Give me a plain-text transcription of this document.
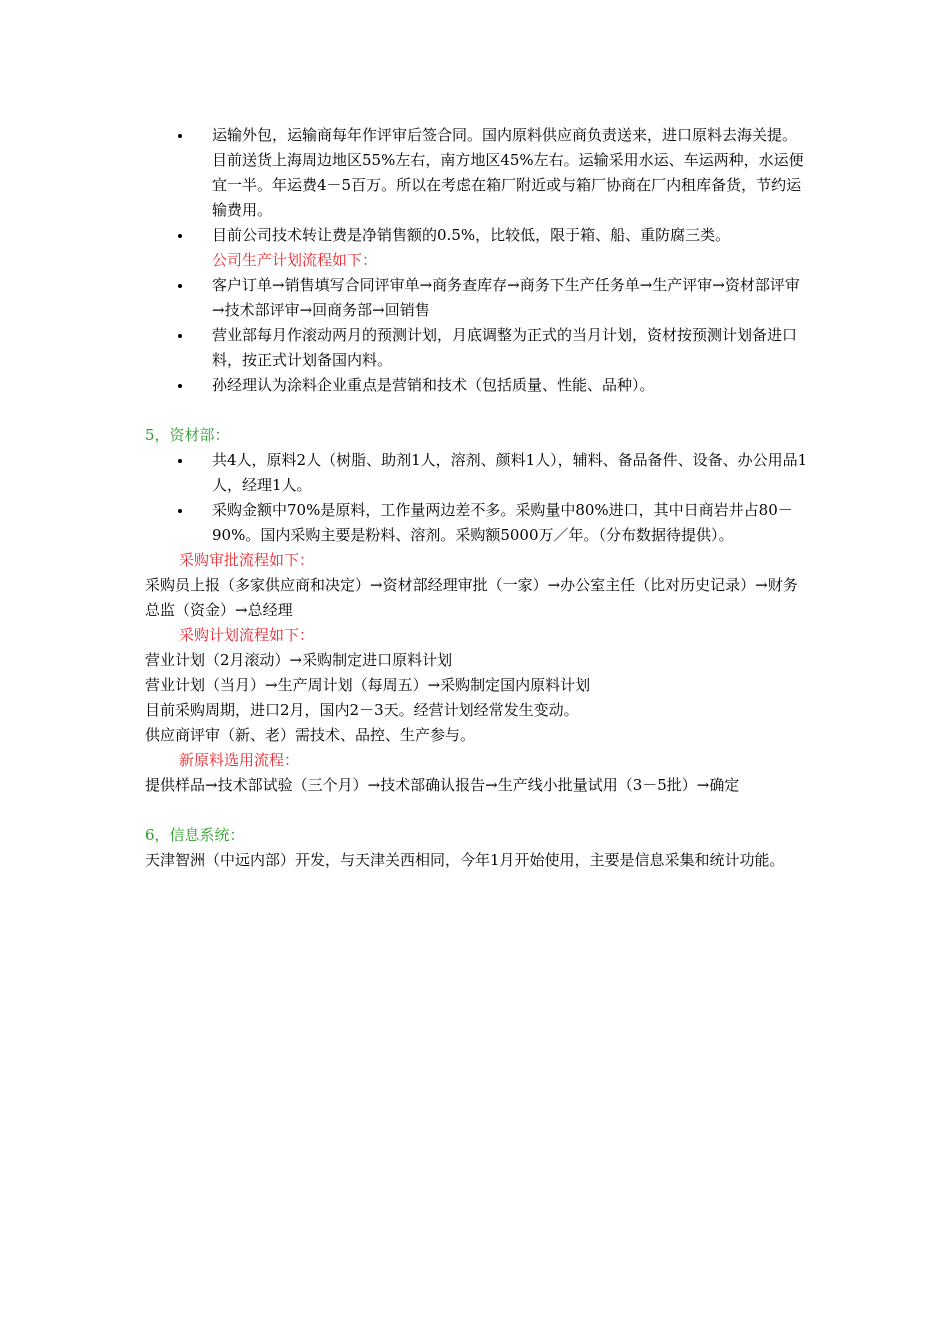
运输外包，运输商每年作评审后签合同。国内原料供应商负责送来，进口原料去海关提。目前送货上海周边地区55%左右，南方地区45%左右。运输采用水运、车运两种，水运便宜一半。年运费4－5百万。所以在考虑在箱厂附近或与箱厂协商在厂内租库备货，节约运输费用。
目前公司技术转让费是净销售额的0.5%，比较低，限于箱、船、重防腐三类。
公司生产计划流程如下：
客户订单→销售填写合同评审单→商务查库存→商务下生产任务单→生产评审→资材部评审→技术部评审→回商务部→回销售
营业部每月作滚动两月的预测计划，月底调整为正式的当月计划，资材按预测计划备进口料，按正式计划备国内料。
孙经理认为涂料企业重点是营销和技术（包括质量、性能、品种）。
5，资材部：
共4人，原料2人（树脂、助剂1人，溶剂、颜料1人），辅料、备品备件、设备、办公用品1人，经理1人。
采购金额中70%是原料，工作量两边差不多。采购量中80%进口，其中日商岩井占80－90%。国内采购主要是粉料、溶剂。采购额5000万／年。（分布数据待提供）。
采购审批流程如下：
采购员上报（多家供应商和决定）→资材部经理审批（一家）→办公室主任（比对历史记录）→财务总监（资金）→总经理
采购计划流程如下：
营业计划（2月滚动）→采购制定进口原料计划
营业计划（当月）→生产周计划（每周五）→采购制定国内原料计划
目前采购周期，进口2月，国内2－3天。经营计划经常发生变动。
供应商评审（新、老）需技术、品控、生产参与。
新原料选用流程：
提供样品→技术部试验（三个月）→技术部确认报告→生产线小批量试用（3－5批）→确定
6，信息系统：
天津智洲（中远内部）开发，与天津关西相同，今年1月开始使用，主要是信息采集和统计功能。
